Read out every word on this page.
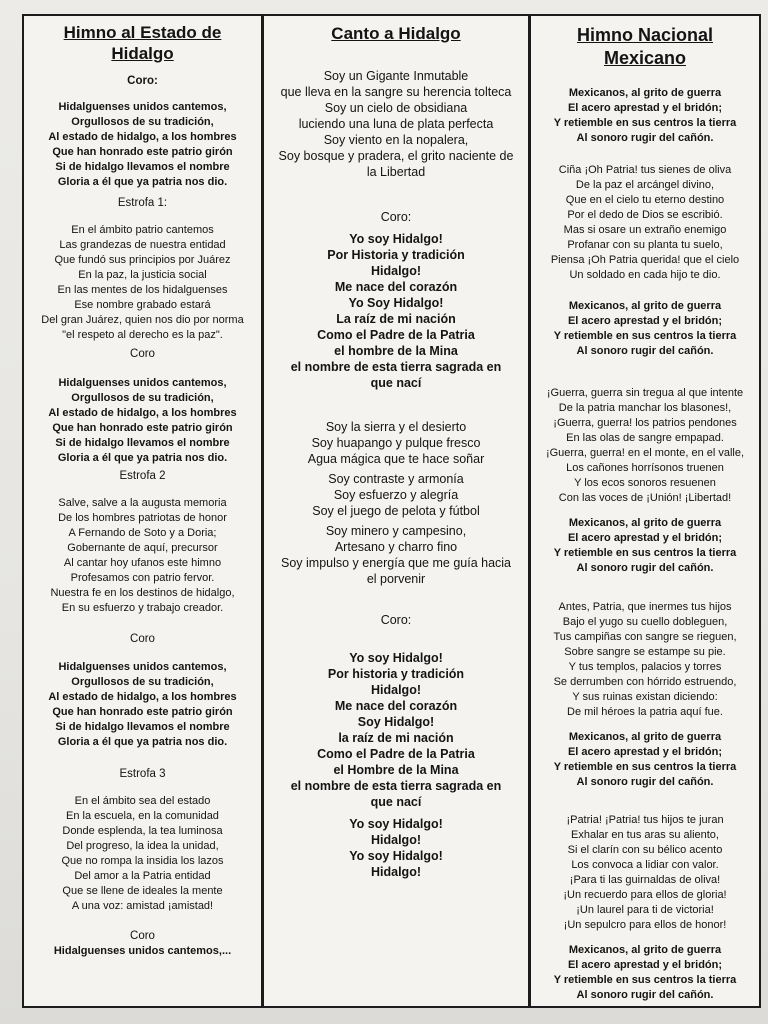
Himno al Estado de Hidalgo
Coro:
Hidalguenses unidos cantemos,
Orgullosos de su tradición,
Al estado de hidalgo, a los hombres
Que han honrado este patrio girón
Si de hidalgo llevamos el nombre
Gloria a él que ya patria nos dio.
Estrofa 1:
En el ámbito patrio cantemos
Las grandezas de nuestra entidad
Que fundó sus principios por Juárez
En la paz, la justicia social
En las mentes de los hidalguenses
Ese nombre grabado estará
Del gran Juárez, quien nos dio por norma
"el respeto al derecho es la paz".
Coro
Hidalguenses unidos cantemos,
Orgullosos de su tradición,
Al estado de hidalgo, a los hombres
Que han honrado este patrio girón
Si de hidalgo llevamos el nombre
Gloria a él que ya patria nos dio.
Estrofa 2
Salve, salve a la augusta memoria
De los hombres patriotas de honor
A Fernando de Soto y a Doria;
Gobernante de aquí, precursor
Al cantar hoy ufanos este himno
Profesamos con patrio fervor.
Nuestra fe en los destinos de hidalgo,
En su esfuerzo y trabajo creador.
Coro
Hidalguenses unidos cantemos,
Orgullosos de su tradición,
Al estado de hidalgo, a los hombres
Que han honrado este patrio girón
Si de hidalgo llevamos el nombre
Gloria a él que ya patria nos dio.
Estrofa 3
En el ámbito sea del estado
En la escuela, en la comunidad
Donde esplenda, la tea luminosa
Del progreso, la idea la unidad,
Que no rompa la insidia los lazos
Del amor a la Patria entidad
Que se llene de ideales la mente
A una voz: amistad ¡amistad!
Coro
Hidalguenses unidos cantemos,...
Canto a Hidalgo
Soy un Gigante Inmutable
que lleva en la sangre su herencia tolteca
Soy un cielo de obsidiana
luciendo una luna de plata perfecta
Soy viento en la nopalera,
Soy bosque y pradera, el grito naciente de
la Libertad
Coro:
Yo soy Hidalgo!
Por Historia y tradición
Hidalgo!
Me nace del corazón
Yo Soy Hidalgo!
La raíz de mi nación
Como el Padre de la Patria
el hombre de la Mina
el nombre de esta tierra sagrada en
que nací
Soy la sierra y el desierto
Soy huapango y pulque fresco
Agua mágica que te hace soñar
Soy contraste y armonía
Soy esfuerzo y alegría
Soy el juego de pelota y fútbol
Soy minero y campesino,
Artesano y charro fino
Soy impulso y energía que me guía hacia
el porvenir
Coro:
Yo soy Hidalgo!
Por historia y tradición
Hidalgo!
Me nace del corazón
Soy Hidalgo!
la raíz de mi nación
Como el Padre de la Patria
el Hombre de la Mina
el nombre de esta tierra sagrada en
que nací
Yo soy Hidalgo!
Hidalgo!
Yo soy Hidalgo!
Hidalgo!
Himno Nacional Mexicano
Mexicanos, al grito de guerra
El acero aprestad y el bridón;
Y retiemble en sus centros la tierra
Al sonoro rugir del cañón.
Ciña ¡Oh Patria! tus sienes de oliva
De la paz el arcángel divino,
Que en el cielo tu eterno destino
Por el dedo de Dios se escribió.
Mas si osare un extraño enemigo
Profanar con su planta tu suelo,
Piensa ¡Oh Patria querida! que el cielo
Un soldado en cada hijo te dio.
Mexicanos, al grito de guerra
El acero aprestad y el bridón;
Y retiemble en sus centros la tierra
Al sonoro rugir del cañón.
¡Guerra, guerra sin tregua al que intente
De la patria manchar los blasones!,
¡Guerra, guerra! los patrios pendones
En las olas de sangre empapad.
¡Guerra, guerra! en el monte, en el valle,
Los cañones horrísonos truenen
Y los ecos sonoros resuenen
Con las voces de ¡Unión! ¡Libertad!
Mexicanos, al grito de guerra
El acero aprestad y el bridón;
Y retiemble en sus centros la tierra
Al sonoro rugir del cañón.
Antes, Patria, que inermes tus hijos
Bajo el yugo su cuello dobleguen,
Tus campiñas con sangre se rieguen,
Sobre sangre se estampe su pie.
Y tus templos, palacios y torres
Se derrumben con hórrido estruendo,
Y sus ruinas existan diciendo:
De mil héroes la patria aquí fue.
Mexicanos, al grito de guerra
El acero aprestad y el bridón;
Y retiemble en sus centros la tierra
Al sonoro rugir del cañón.
¡Patria! ¡Patria! tus hijos te juran
Exhalar en tus aras su aliento,
Si el clarín con su bélico acento
Los convoca a lidiar con valor.
¡Para ti las guirnaldas de oliva!
¡Un recuerdo para ellos de gloria!
¡Un laurel para ti de victoria!
¡Un sepulcro para ellos de honor!
Mexicanos, al grito de guerra
El acero aprestad y el bridón;
Y retiemble en sus centros la tierra
Al sonoro rugir del cañón.
